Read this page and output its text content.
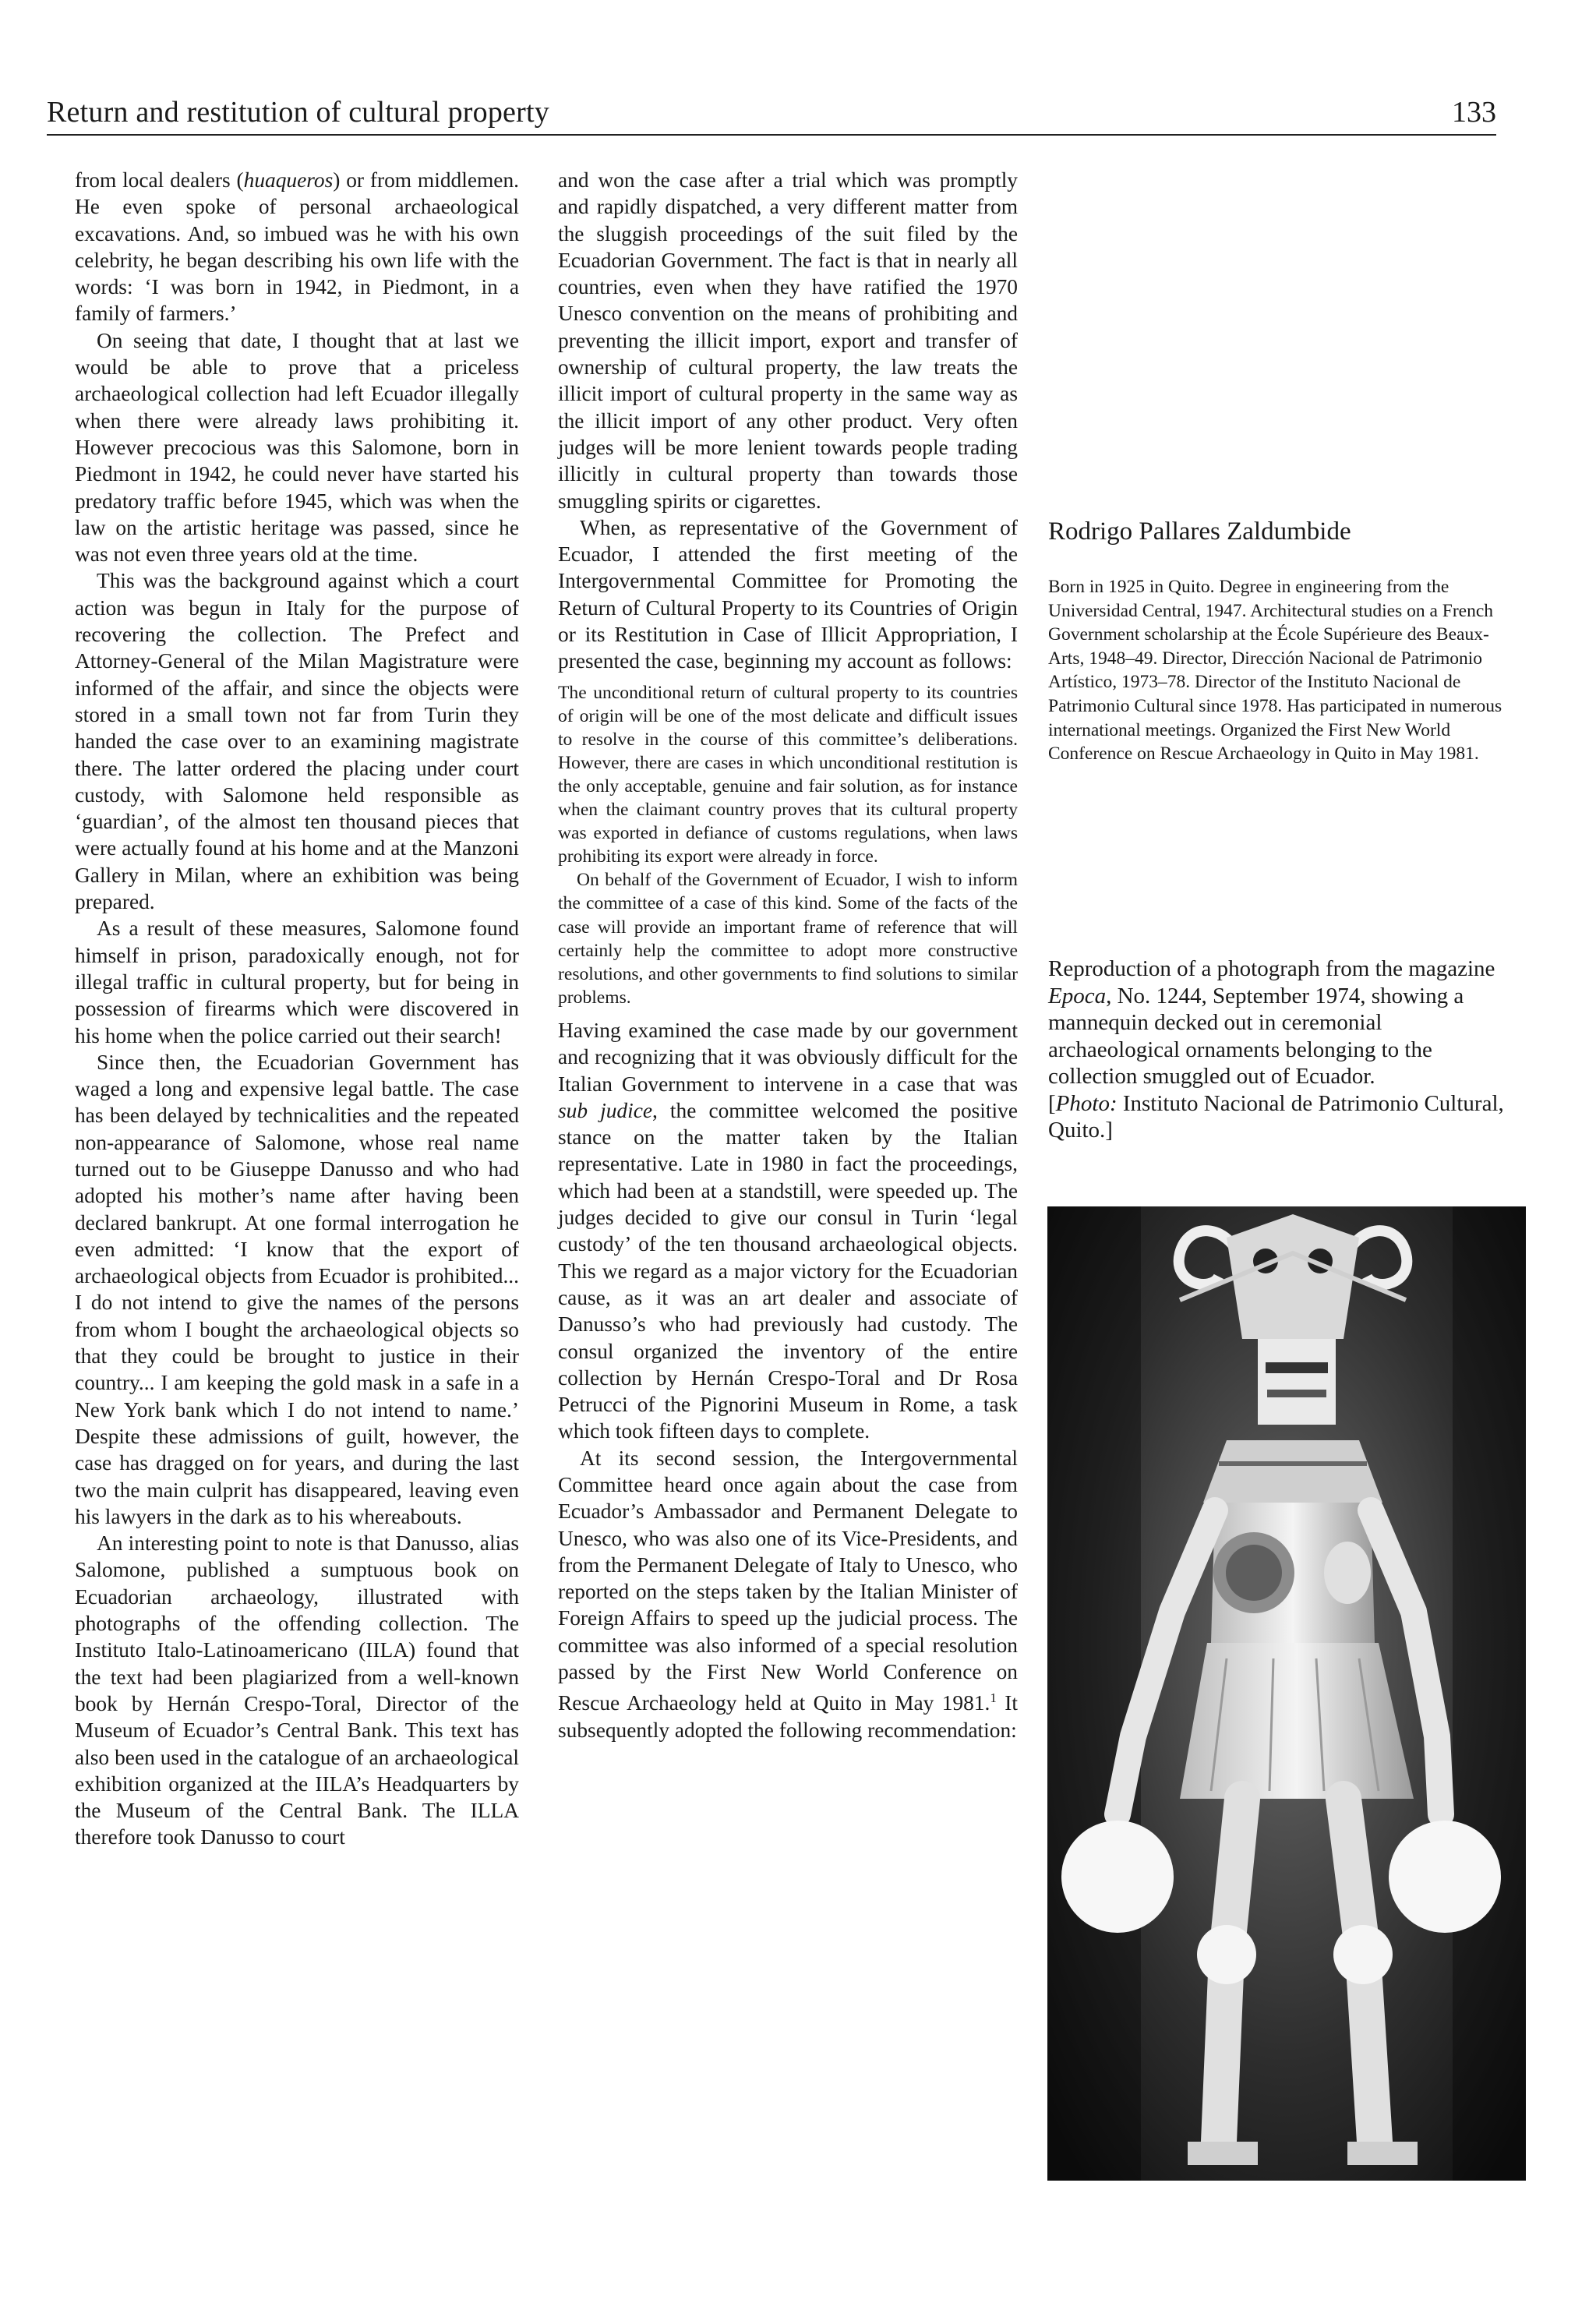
Return and restitution of cultural property	133

from local dealers (huaqueros) or from middlemen. He even spoke of personal archaeological excavations. And, so imbued was he with his own celebrity, he began describing his own life with the words: ‘I was born in 1942, in Piedmont, in a family of farmers.’

On seeing that date, I thought that at last we would be able to prove that a priceless archaeological collection had left Ecuador illegally when there were already laws prohibiting it. However precocious was this Salomone, born in Piedmont in 1942, he could never have started his predatory traffic before 1945, which was when the law on the artistic heritage was passed, since he was not even three years old at the time.

This was the background against which a court action was begun in Italy for the purpose of recovering the collection. The Prefect and Attorney-General of the Milan Magistrature were informed of the affair, and since the objects were stored in a small town not far from Turin they handed the case over to an examining magistrate there. The latter ordered the placing under court custody, with Salomone held responsible as ‘guardian’, of the almost ten thousand pieces that were actually found at his home and at the Manzoni Gallery in Milan, where an exhibition was being prepared.

As a result of these measures, Salomone found himself in prison, paradoxically enough, not for illegal traffic in cultural property, but for being in possession of firearms which were discovered in his home when the police carried out their search!

Since then, the Ecuadorian Government has waged a long and expensive legal battle. The case has been delayed by technicalities and the repeated non-appearance of Salomone, whose real name turned out to be Giuseppe Danusso and who had adopted his mother’s name after having been declared bankrupt. At one formal interrogation he even admitted: ‘I know that the export of archaeological objects from Ecuador is prohibited... I do not intend to give the names of the persons from whom I bought the archaeological objects so that they could be brought to justice in their country... I am keeping the gold mask in a safe in a New York bank which I do not intend to name.’ Despite these admissions of guilt, however, the case has dragged on for years, and during the last two the main culprit has disappeared, leaving even his lawyers in the dark as to his whereabouts.

An interesting point to note is that Danusso, alias Salomone, published a sumptuous book on Ecuadorian archaeology, illustrated with photographs of the offending collection. The Instituto Italo-Latinoamericano (IILA) found that the text had been plagiarized from a well-known book by Hernán Crespo-Toral, Director of the Museum of Ecuador’s Central Bank. This text has also been used in the catalogue of an archaeological exhibition organized at the IILA’s Headquarters by the Museum of the Central Bank. The ILLA therefore took Danusso to court

and won the case after a trial which was promptly and rapidly dispatched, a very different matter from the sluggish proceedings of the suit filed by the Ecuadorian Government. The fact is that in nearly all countries, even when they have ratified the 1970 Unesco convention on the means of prohibiting and preventing the illicit import, export and transfer of ownership of cultural property, the law treats the illicit import of cultural property in the same way as the illicit import of any other product. Very often judges will be more lenient towards people trading illicitly in cultural property than towards those smuggling spirits or cigarettes.

When, as representative of the Government of Ecuador, I attended the first meeting of the Intergovernmental Committee for Promoting the Return of Cultural Property to its Countries of Origin or its Restitution in Case of Illicit Appropriation, I presented the case, beginning my account as follows:

The unconditional return of cultural property to its countries of origin will be one of the most delicate and difficult issues to resolve in the course of this committee’s deliberations. However, there are cases in which unconditional restitution is the only acceptable, genuine and fair solution, as for instance when the claimant country proves that its cultural property was exported in defiance of customs regulations, when laws prohibiting its export were already in force.

On behalf of the Government of Ecuador, I wish to inform the committee of a case of this kind. Some of the facts of the case will provide an important frame of reference that will certainly help the committee to adopt more constructive resolutions, and other governments to find solutions to similar problems.

Having examined the case made by our government and recognizing that it was obviously difficult for the Italian Government to intervene in a case that was sub judice, the committee welcomed the positive stance on the matter taken by the Italian representative. Late in 1980 in fact the proceedings, which had been at a standstill, were speeded up. The judges decided to give our consul in Turin ‘legal custody’ of the ten thousand archaeological objects. This we regard as a major victory for the Ecuadorian cause, as it was an art dealer and associate of Danusso’s who had previously had custody. The consul organized the inventory of the entire collection by Hernán Crespo-Toral and Dr Rosa Petrucci of the Pignorini Museum in Rome, a task which took fifteen days to complete.

At its second session, the Intergovernmental Committee heard once again about the case from Ecuador’s Ambassador and Permanent Delegate to Unesco, who was also one of its Vice-Presidents, and from the Permanent Delegate of Italy to Unesco, who reported on the steps taken by the Italian Minister of Foreign Affairs to speed up the judicial process. The committee was also informed of a special resolution passed by the First New World Conference on Rescue Archaeology held at Quito in May 1981.$^1$ It subsequently adopted the following recommendation:

Rodrigo Pallares Zaldumbide
Born in 1925 in Quito. Degree in engineering from the Universidad Central, 1947. Architectural studies on a French Government scholarship at the École Supérieure des Beaux-Arts, 1948–49. Director, Dirección Nacional de Patrimonio Artístico, 1973–78. Director of the Instituto Nacional de Patrimonio Cultural since 1978. Has participated in numerous international meetings. Organized the First New World Conference on Rescue Archaeology in Quito in May 1981.

Reproduction of a photograph from the magazine Epoca, No. 1244, September 1974, showing a mannequin decked out in ceremonial archaeological ornaments belonging to the collection smuggled out of Ecuador.

[Photo: Instituto Nacional de Patrimonio Cultural, Quito.]
